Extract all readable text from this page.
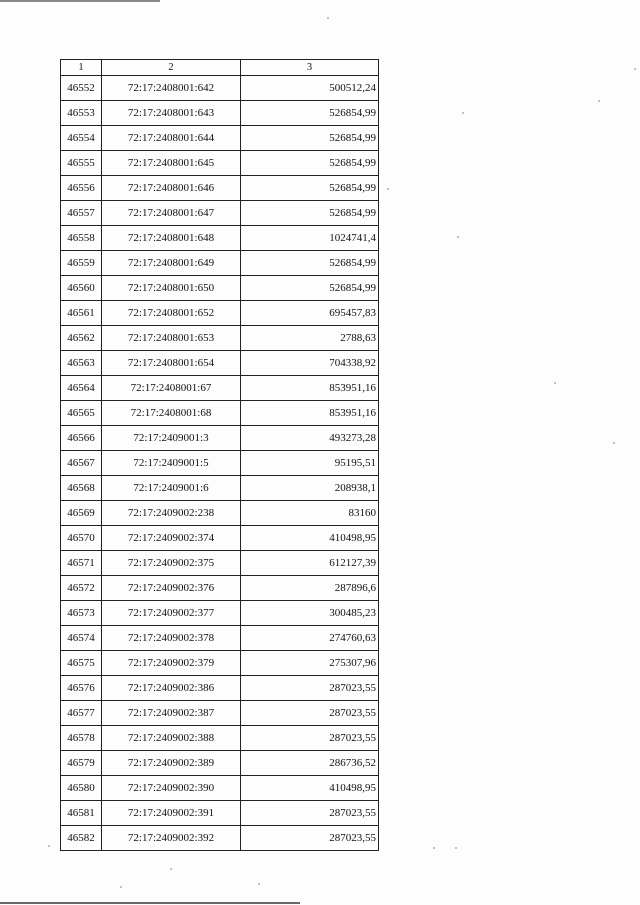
1	2	3
46552	72:17:2408001:642	500512,24
46553	72:17:2408001:643	526854,99
46554	72:17:2408001:644	526854,99
46555	72:17:2408001:645	526854,99
46556	72:17:2408001:646	526854,99
46557	72:17:2408001:647	526854,99
46558	72:17:2408001:648	1024741,4
46559	72:17:2408001:649	526854,99
46560	72:17:2408001:650	526854,99
46561	72:17:2408001:652	695457,83
46562	72:17:2408001:653	2788,63
46563	72:17:2408001:654	704338,92
46564	72:17:2408001:67	853951,16
46565	72:17:2408001:68	853951,16
46566	72:17:2409001:3	493273,28
46567	72:17:2409001:5	95195,51
46568	72:17:2409001:6	208938,1
46569	72:17:2409002:238	83160
46570	72:17:2409002:374	410498,95
46571	72:17:2409002:375	612127,39
46572	72:17:2409002:376	287896,6
46573	72:17:2409002:377	300485,23
46574	72:17:2409002:378	274760,63
46575	72:17:2409002:379	275307,96
46576	72:17:2409002:386	287023,55
46577	72:17:2409002:387	287023,55
46578	72:17:2409002:388	287023,55
46579	72:17:2409002:389	286736,52
46580	72:17:2409002:390	410498,95
46581	72:17:2409002:391	287023,55
46582	72:17:2409002:392	287023,55
